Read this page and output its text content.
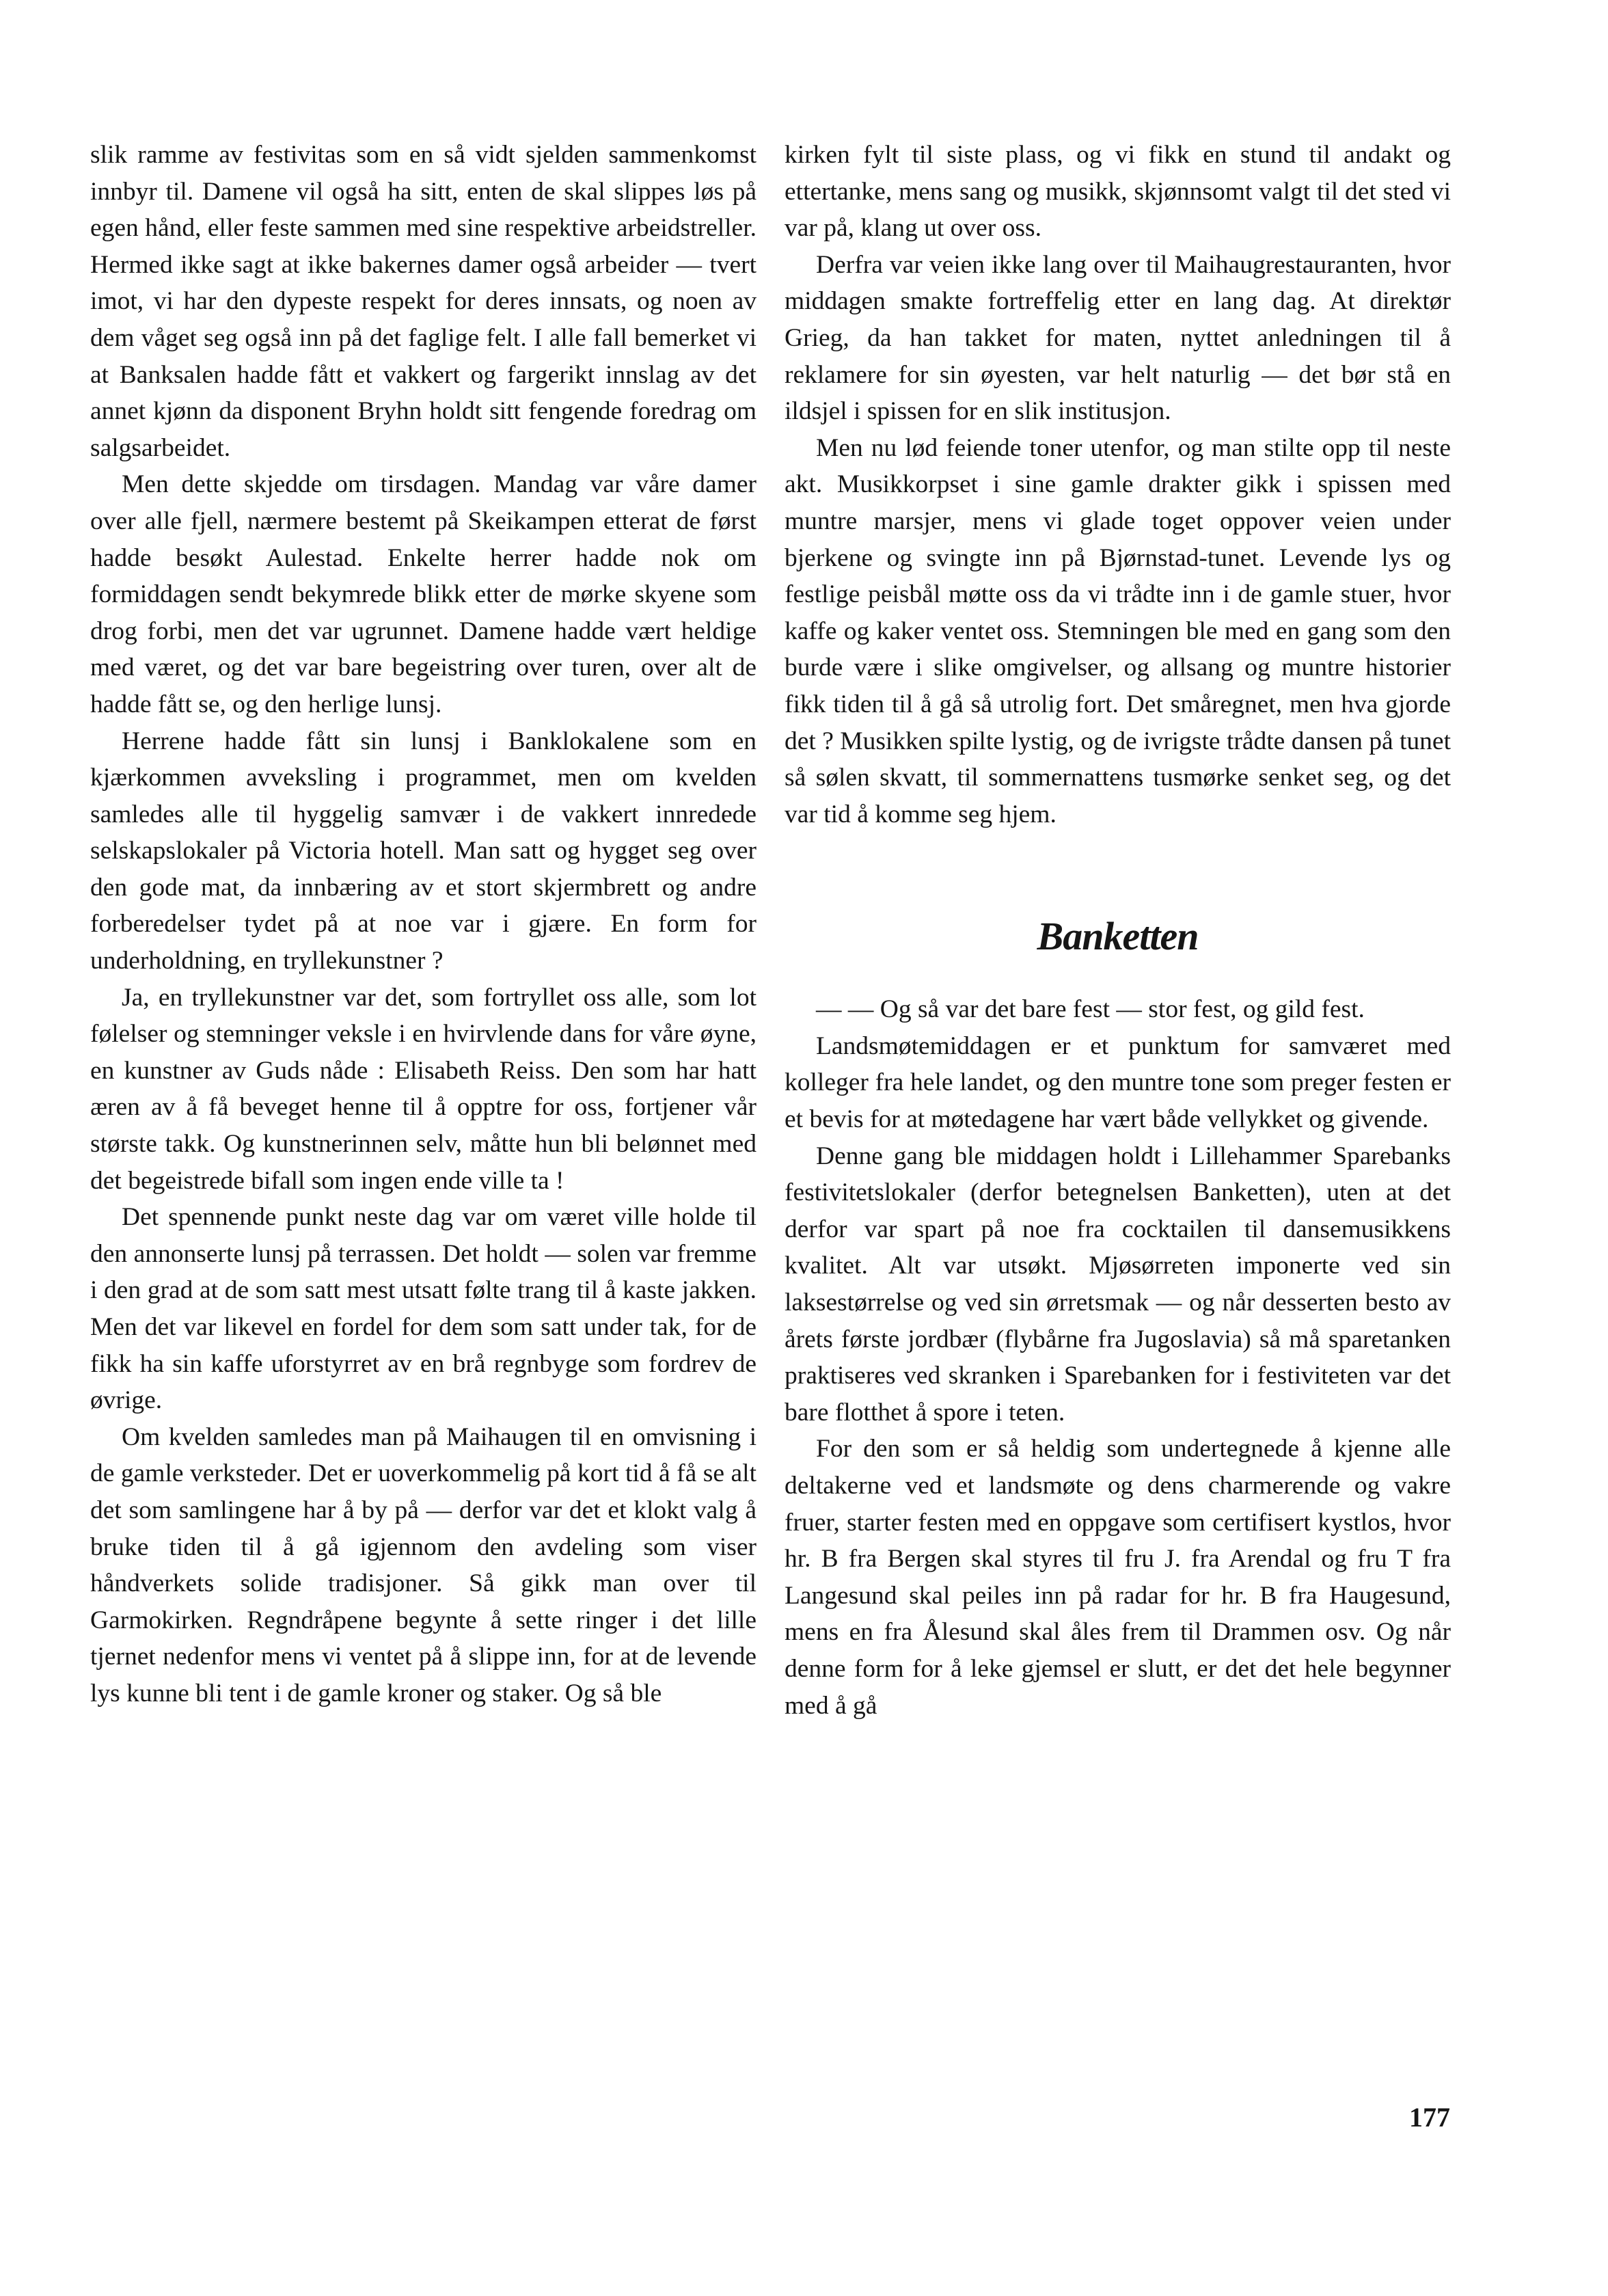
slik ramme av festivitas som en så vidt sjelden sammenkomst innbyr til. Damene vil også ha sitt, enten de skal slippes løs på egen hånd, eller feste sammen med sine respektive arbeidstreller. Hermed ikke sagt at ikke bakernes damer også arbeider — tvert imot, vi har den dypeste respekt for deres innsats, og noen av dem våget seg også inn på det faglige felt. I alle fall bemerket vi at Banksalen hadde fått et vakkert og fargerikt innslag av det annet kjønn da disponent Bryhn holdt sitt fengende foredrag om salgsarbeidet.

Men dette skjedde om tirsdagen. Mandag var våre damer over alle fjell, nærmere bestemt på Skeikampen etterat de først hadde besøkt Aulestad. Enkelte herrer hadde nok om formiddagen sendt bekymrede blikk etter de mørke skyene som drog forbi, men det var ugrunnet. Damene hadde vært heldige med været, og det var bare begeistring over turen, over alt de hadde fått se, og den herlige lunsj.

Herrene hadde fått sin lunsj i Banklokalene som en kjærkommen avveksling i programmet, men om kvelden samledes alle til hyggelig samvær i de vakkert innredede selskapslokaler på Victoria hotell. Man satt og hygget seg over den gode mat, da innbæring av et stort skjermbrett og andre forberedelser tydet på at noe var i gjære. En form for underholdning, en tryllekunstner ?

Ja, en tryllekunstner var det, som fortryllet oss alle, som lot følelser og stemninger veksle i en hvirvlende dans for våre øyne, en kunstner av Guds nåde : Elisabeth Reiss. Den som har hatt æren av å få beveget henne til å opptre for oss, fortjener vår største takk. Og kunstnerinnen selv, måtte hun bli belønnet med det begeistrede bifall som ingen ende ville ta !

Det spennende punkt neste dag var om været ville holde til den annonserte lunsj på terrassen. Det holdt — solen var fremme i den grad at de som satt mest utsatt følte trang til å kaste jakken. Men det var likevel en fordel for dem som satt under tak, for de fikk ha sin kaffe uforstyrret av en brå regnbyge som fordrev de øvrige.

Om kvelden samledes man på Maihaugen til en omvisning i de gamle verksteder. Det er uoverkommelig på kort tid å få se alt det som samlingene har å by på — derfor var det et klokt valg å bruke tiden til å gå igjennom den avdeling som viser håndverkets solide tradisjoner. Så gikk man over til Garmokirken. Regndråpene begynte å sette ringer i det lille tjernet nedenfor mens vi ventet på å slippe inn, for at de levende lys kunne bli tent i de gamle kroner og staker. Og så ble

kirken fylt til siste plass, og vi fikk en stund til andakt og ettertanke, mens sang og musikk, skjønnsomt valgt til det sted vi var på, klang ut over oss.

Derfra var veien ikke lang over til Maihaugrestauranten, hvor middagen smakte fortreffelig etter en lang dag. At direktør Grieg, da han takket for maten, nyttet anledningen til å reklamere for sin øyesten, var helt naturlig — det bør stå en ildsjel i spissen for en slik institusjon.

Men nu lød feiende toner utenfor, og man stilte opp til neste akt. Musikkorpset i sine gamle drakter gikk i spissen med muntre marsjer, mens vi glade toget oppover veien under bjerkene og svingte inn på Bjørnstad-tunet. Levende lys og festlige peisbål møtte oss da vi trådte inn i de gamle stuer, hvor kaffe og kaker ventet oss. Stemningen ble med en gang som den burde være i slike omgivelser, og allsang og muntre historier fikk tiden til å gå så utrolig fort. Det småregnet, men hva gjorde det ? Musikken spilte lystig, og de ivrigste trådte dansen på tunet så sølen skvatt, til sommernattens tusmørke senket seg, og det var tid å komme seg hjem.

Banketten

— — Og så var det bare fest — stor fest, og gild fest.

Landsmøtemiddagen er et punktum for samværet med kolleger fra hele landet, og den muntre tone som preger festen er et bevis for at møtedagene har vært både vellykket og givende.

Denne gang ble middagen holdt i Lillehammer Sparebanks festivitetslokaler (derfor betegnelsen Banketten), uten at det derfor var spart på noe fra cocktailen til dansemusikkens kvalitet. Alt var utsøkt. Mjøsørreten imponerte ved sin laksestørrelse og ved sin ørretsmak — og når desserten besto av årets første jordbær (flybårne fra Jugoslavia) så må sparetanken praktiseres ved skranken i Sparebanken for i festiviteten var det bare flotthet å spore i teten.

For den som er så heldig som undertegnede å kjenne alle deltakerne ved et landsmøte og dens charmerende og vakre fruer, starter festen med en oppgave som certifisert kystlos, hvor hr. B fra Bergen skal styres til fru J. fra Arendal og fru T fra Langesund skal peiles inn på radar for hr. B fra Haugesund, mens en fra Ålesund skal åles frem til Drammen osv. Og når denne form for å leke gjemsel er slutt, er det det hele begynner med å gå

177
